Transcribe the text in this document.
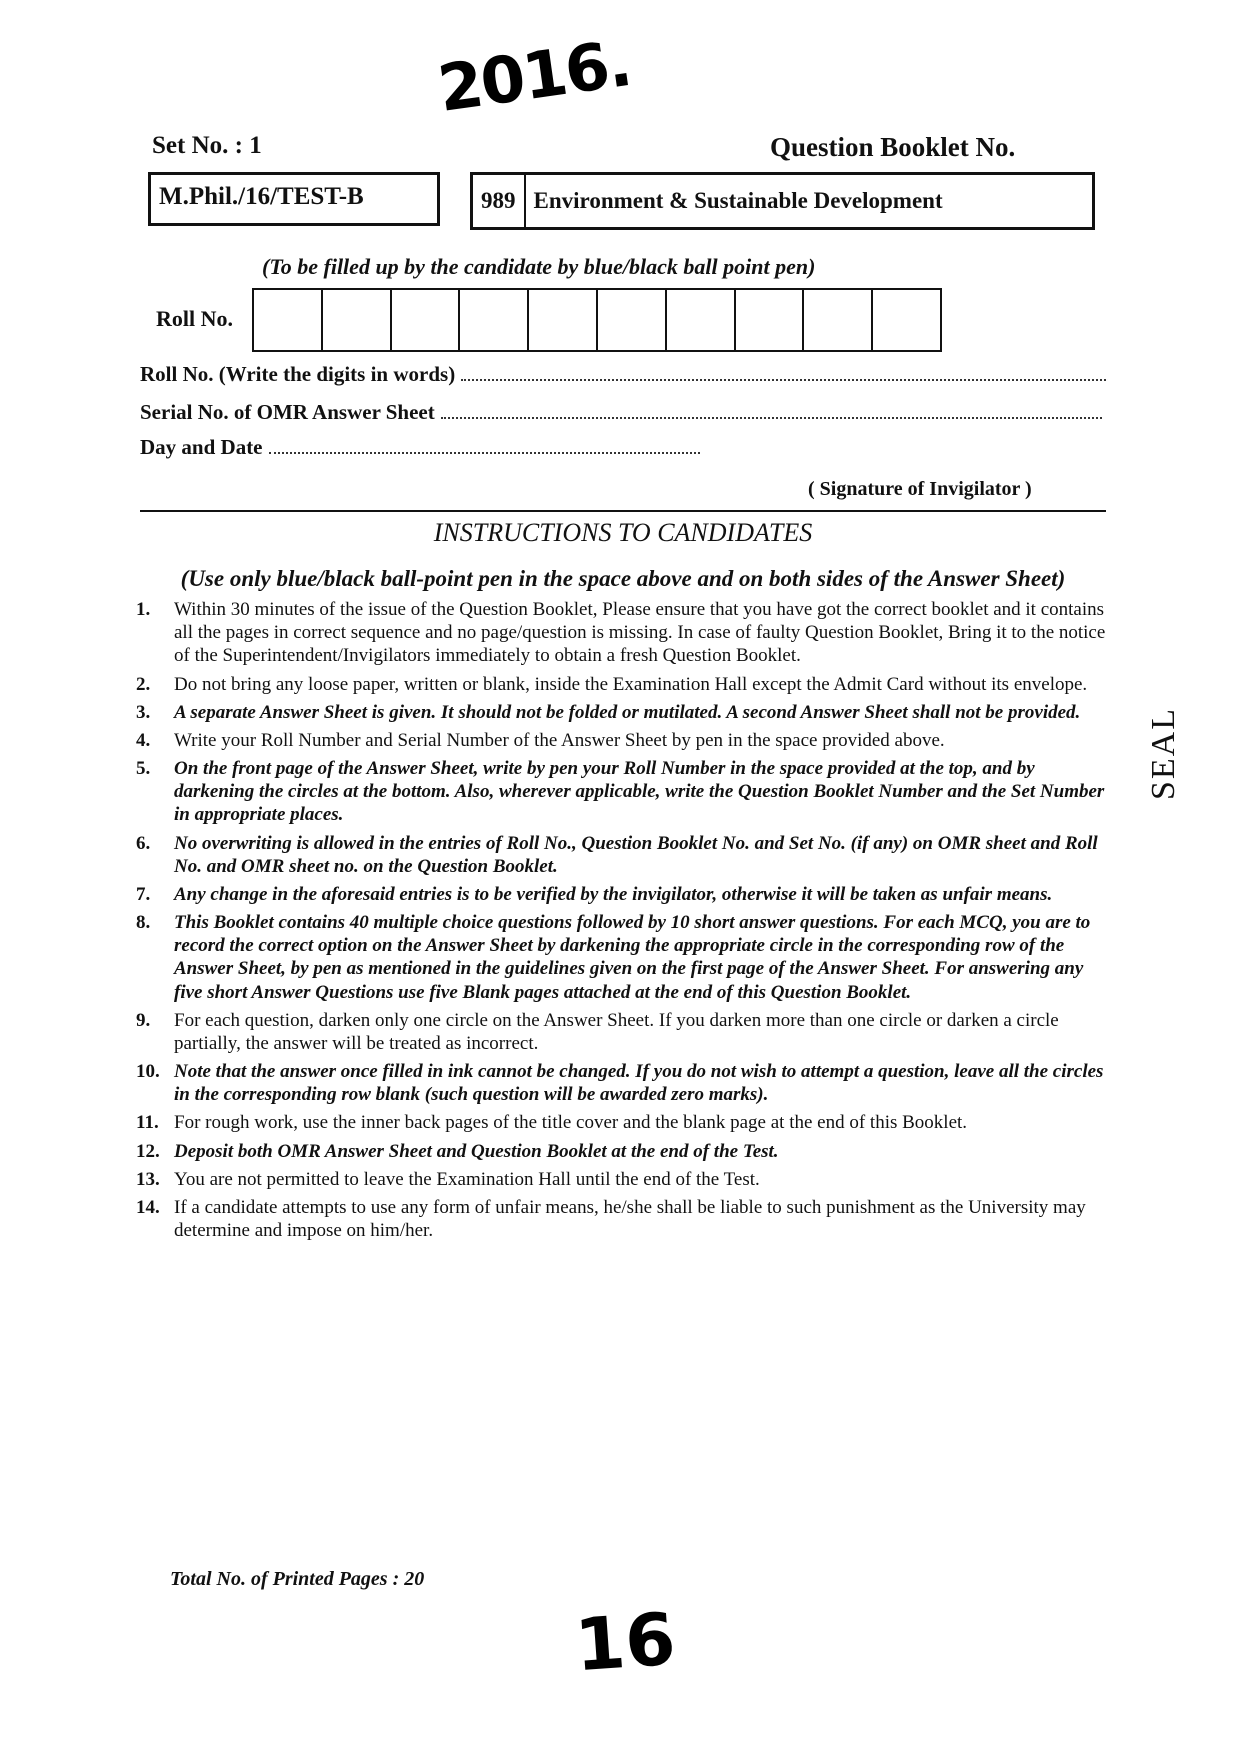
2016.
Set No. : 1	Question Booklet No.
M.Phil./16/TEST-B	989 Environment & Sustainable Development
(To be filled up by the candidate by blue/black ball point pen)
Roll No.
Roll No. (Write the digits in words)
Serial No. of OMR Answer Sheet
Day and Date
( Signature of Invigilator )
INSTRUCTIONS TO CANDIDATES
(Use only blue/black ball-point pen in the space above and on both sides of the Answer Sheet)
1.	Within 30 minutes of the issue of the Question Booklet, Please ensure that you have got the correct booklet and it contains all the pages in correct sequence and no page/question is missing. In case of faulty Question Booklet, Bring it to the notice of the Superintendent/Invigilators immediately to obtain a fresh Question Booklet.
2.	Do not bring any loose paper, written or blank, inside the Examination Hall except the Admit Card without its envelope.
3.	A separate Answer Sheet is given. It should not be folded or mutilated. A second Answer Sheet shall not be provided.
4.	Write your Roll Number and Serial Number of the Answer Sheet by pen in the space provided above.
5.	On the front page of the Answer Sheet, write by pen your Roll Number in the space provided at the top, and by darkening the circles at the bottom. Also, wherever applicable, write the Question Booklet Number and the Set Number in appropriate places.
6.	No overwriting is allowed in the entries of Roll No., Question Booklet No. and Set No. (if any) on OMR sheet and Roll No. and OMR sheet no. on the Question Booklet.
7.	Any change in the aforesaid entries is to be verified by the invigilator, otherwise it will be taken as unfair means.
8.	This Booklet contains 40 multiple choice questions followed by 10 short answer questions. For each MCQ, you are to record the correct option on the Answer Sheet by darkening the appropriate circle in the corresponding row of the Answer Sheet, by pen as mentioned in the guidelines given on the first page of the Answer Sheet. For answering any five short Answer Questions use five Blank pages attached at the end of this Question Booklet.
9.	For each question, darken only one circle on the Answer Sheet. If you darken more than one circle or darken a circle partially, the answer will be treated as incorrect.
10. Note that the answer once filled in ink cannot be changed. If you do not wish to attempt a question, leave all the circles in the corresponding row blank (such question will be awarded zero marks).
11. For rough work, use the inner back pages of the title cover and the blank page at the end of this Booklet.
12. Deposit both OMR Answer Sheet and Question Booklet at the end of the Test.
13. You are not permitted to leave the Examination Hall until the end of the Test.
14. If a candidate attempts to use any form of unfair means, he/she shall be liable to such punishment as the University may determine and impose on him/her.
Total No. of Printed Pages : 20
16
SEAL
